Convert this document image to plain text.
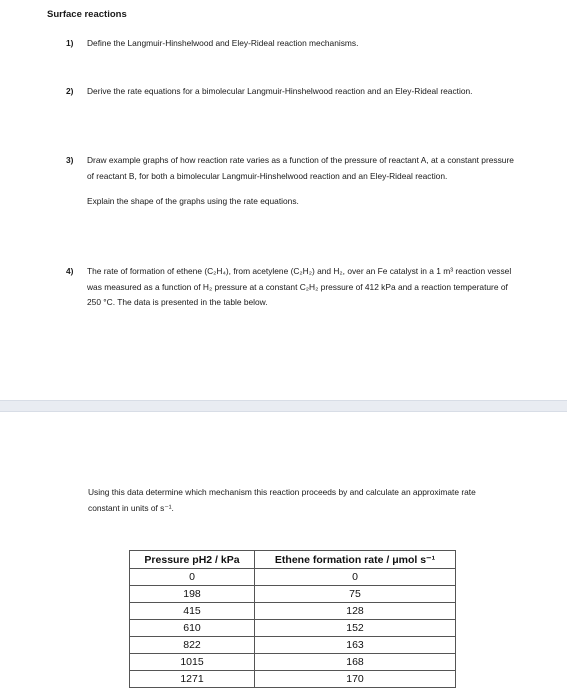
Surface reactions
1) Define the Langmuir-Hinshelwood and Eley-Rideal reaction mechanisms.

2) Derive the rate equations for a bimolecular Langmuir-Hinshelwood reaction and an Eley-Rideal reaction.

3) Draw example graphs of how reaction rate varies as a function of the pressure of reactant A, at a constant pressure of reactant B, for both a bimolecular Langmuir-Hinshelwood reaction and an Eley-Rideal reaction.

Explain the shape of the graphs using the rate equations.

4) The rate of formation of ethene (C₂H₄), from acetylene (C₂H₂) and H₂, over an Fe catalyst in a 1 m³ reaction vessel was measured as a function of H₂ pressure at a constant C₂H₂ pressure of 412 kPa and a reaction temperature of 250 °C. The data is presented in the table below.

Using this data determine which mechanism this reaction proceeds by and calculate an approximate rate constant in units of s⁻¹.
Pressure pH2 / kPa	Ethene formation rate / μmol s⁻¹
0	0
198	75
415	128
610	152
822	163
1015	168
1271	170
